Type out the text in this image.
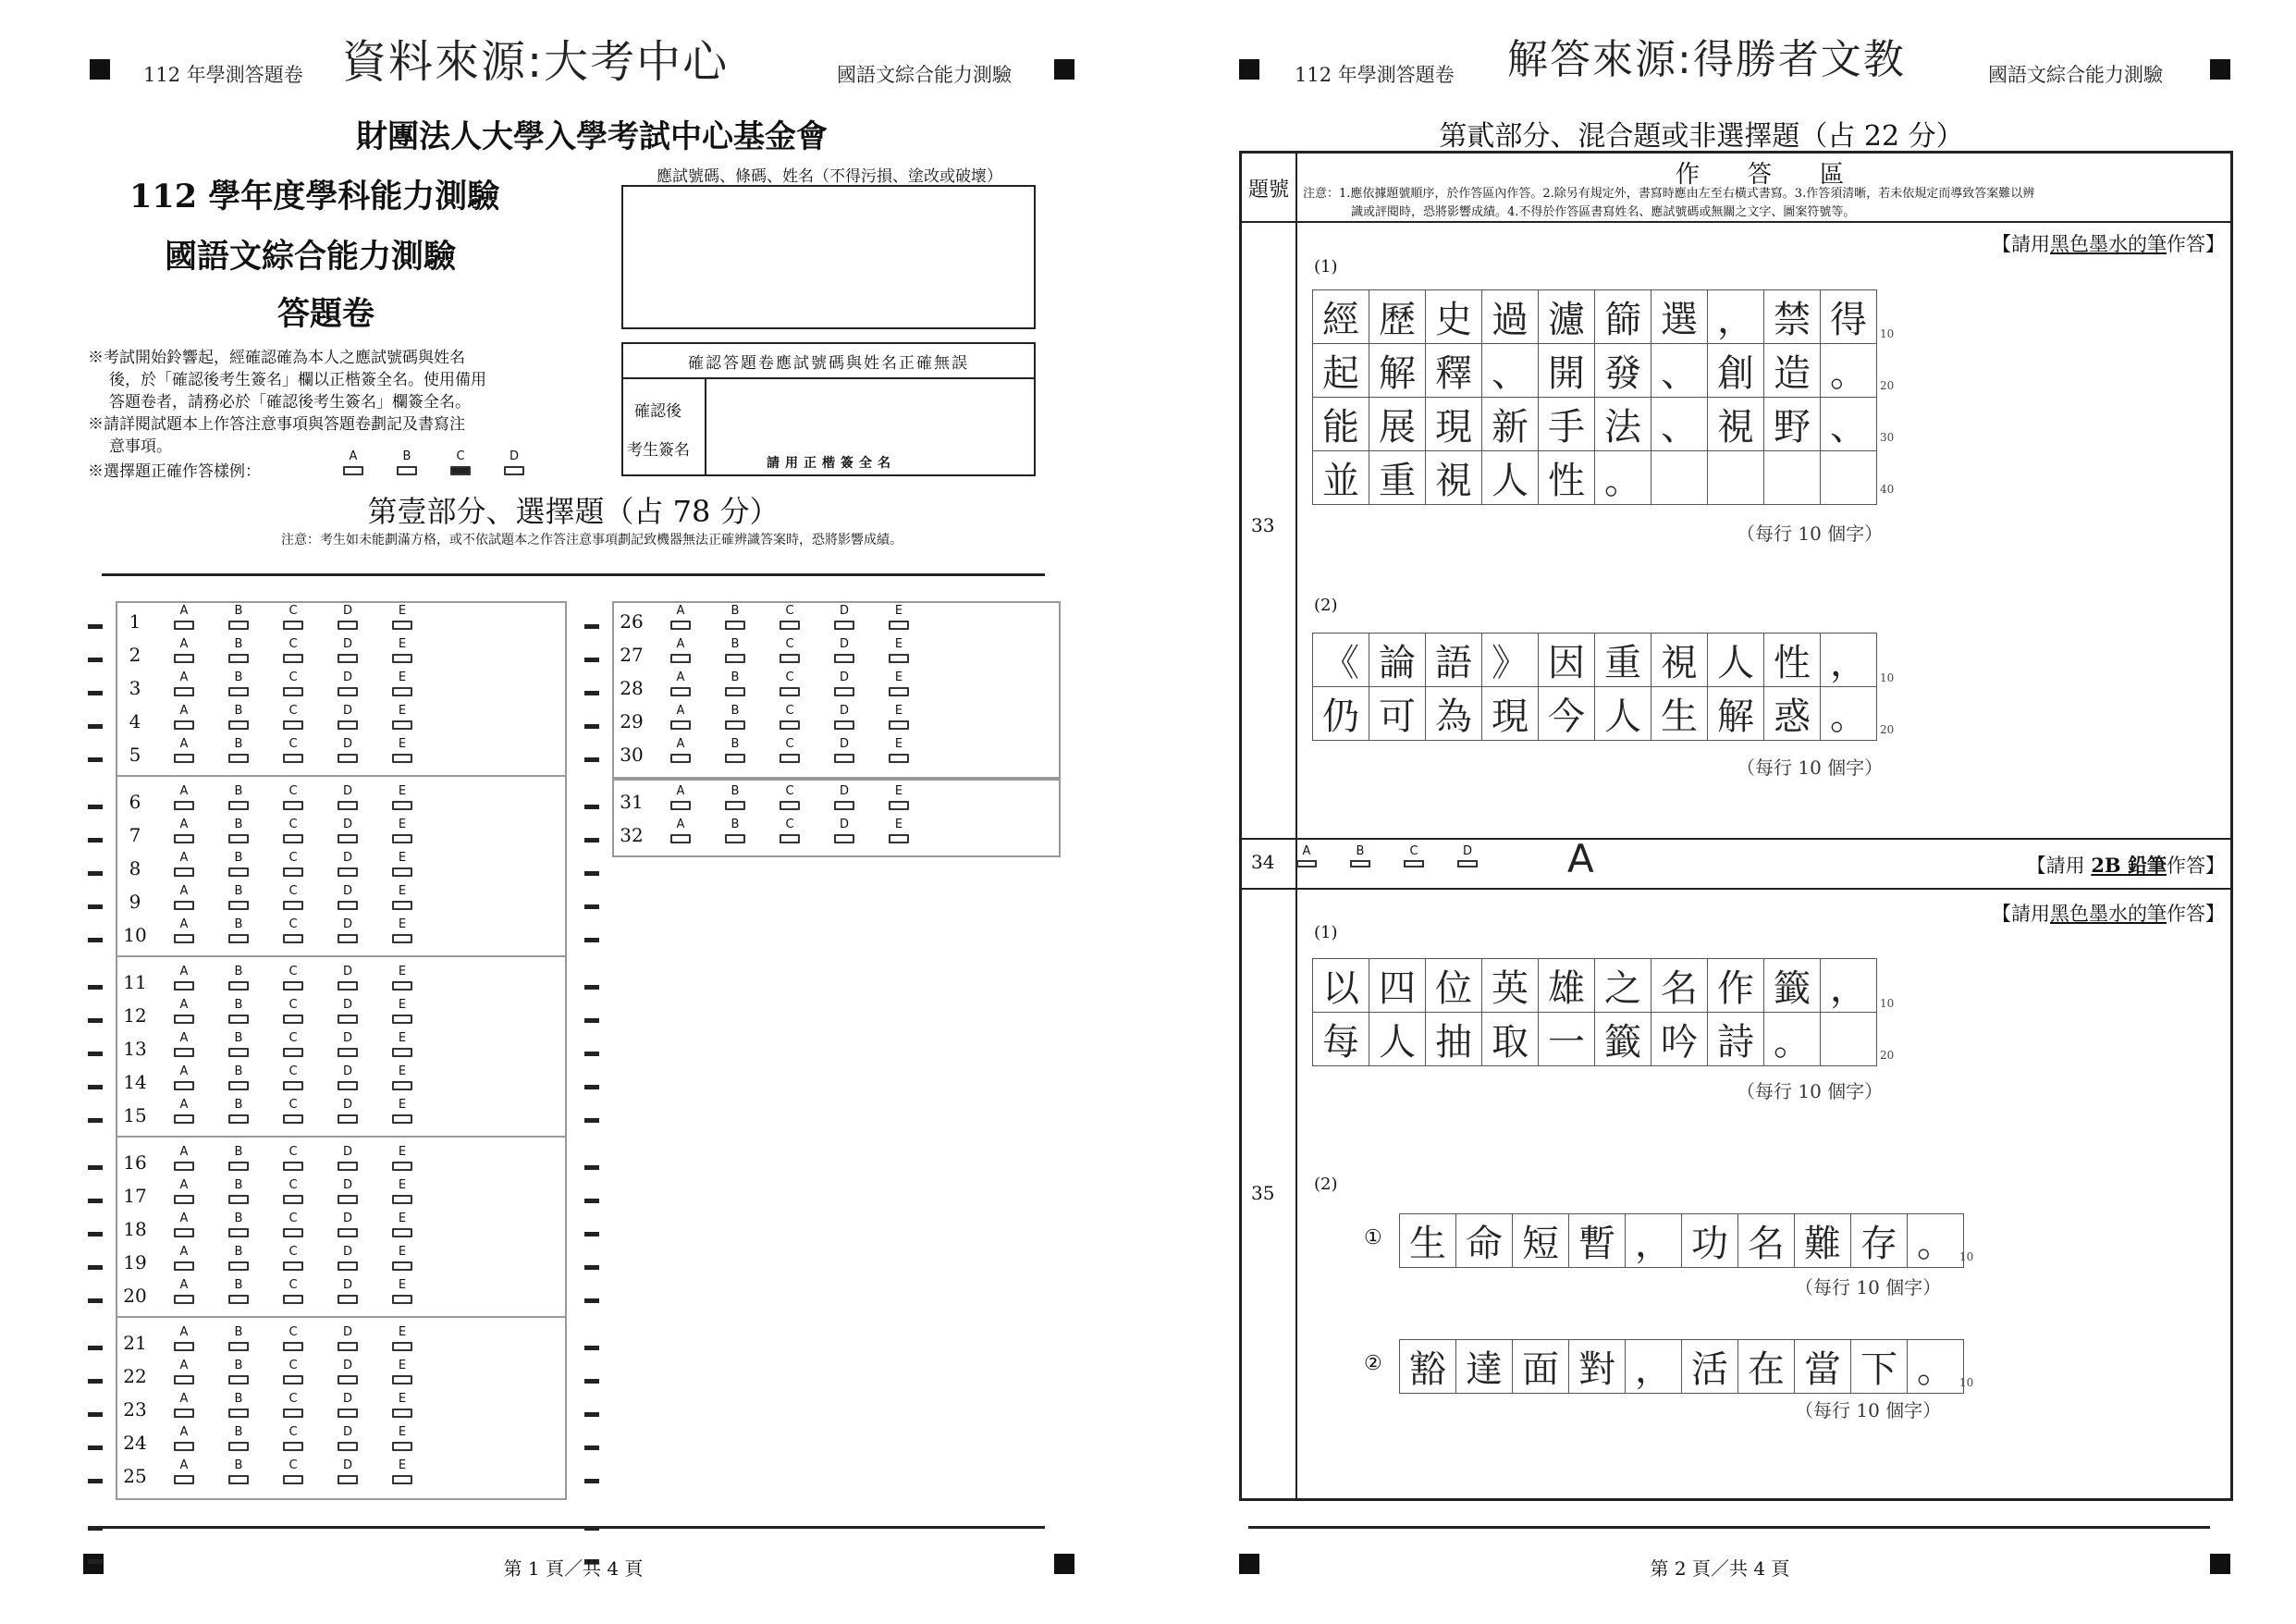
112 年學測答題卷 資料來源:大考中心	國語文綜合能力測驗
財團法人大學入學考試中心基金會
112 學年度學科能力測驗
國語文綜合能力測驗
答題卷
應試號碼、條碼、姓名（不得污損、塗改或破壞）
確認答題卷應試號碼與姓名正確無誤
確認後
考生簽名
請用正楷簽全名
※考試開始鈴響起，經確認確為本人之應試號碼與姓名
後，於「確認後考生簽名」欄以正楷簽全名。使用備用
答題卷者，請務必於「確認後考生簽名」欄簽全名。
※請詳閱試題本上作答注意事項與答題卷劃記及書寫注
意事項。
※選擇題正確作答樣例：
A	B	C	D
第壹部分、選擇題（占 78 分）
注意：考生如未能劃滿方格，或不依試題本之作答注意事項劃記致機器無法正確辨識答案時，恐將影響成績。
1	A	B	C	D	E
2	A	B	C	D	E
3	A	B	C	D	E
4	A	B	C	D	E
5	A	B	C	D	E
6	A	B	C	D	E
7	A	B	C	D	E
8	A	B	C	D	E
9	A	B	C	D	E
10	A	B	C	D	E
11	A	B	C	D	E
12	A	B	C	D	E
13	A	B	C	D	E
14	A	B	C	D	E
15	A	B	C	D	E
16	A	B	C	D	E
17	A	B	C	D	E
18	A	B	C	D	E
19	A	B	C	D	E
20	A	B	C	D	E
21	A	B	C	D	E
22	A	B	C	D	E
23	A	B	C	D	E
24	A	B	C	D	E
25	A	B	C	D	E
26	A	B	C	D	E
27	A	B	C	D	E
28	A	B	C	D	E
29	A	B	C	D	E
30	A	B	C	D	E
31	A	B	C	D	E
32	A	B	C	D	E
第 1 頁／共 4 頁
112 年學測答題卷 解答來源:得勝者文教	國語文綜合能力測驗
第貳部分、混合題或非選擇題（占 22 分）
題號
作　　答　　區
注意：1.應依據題號順序，於作答區內作答。2.除另有規定外，書寫時應由左至右橫式書寫。3.作答須清晰，若未依規定而導致答案難以辨
識或評閱時，恐將影響成績。4.不得於作答區書寫姓名、應試號碼或無關之文字、圖案符號等。
33
【請用黑色墨水的筆作答】
(1)
經	歷	史	過	濾	篩	選	，	禁	得
起	解	釋	、	開	發	、	創	造	。
能	展	現	新	手	法	、	視	野	、
並	重	視	人	性	。				
10
20
30
40
（每行 10 個字）
(2)
《	論	語	》	因	重	視	人	性	，
仍	可	為	現	今	人	生	解	惑	。
10
20
（每行 10 個字）
34	A	B	C	D A	【請用 2B 鉛筆作答】
35
【請用黑色墨水的筆作答】
(1)
以	四	位	英	雄	之	名	作	籤	，
每	人	抽	取	一	籤	吟	詩	。	
10
20
（每行 10 個字）
(2)
① 生	命	短	暫	，	功	名	難	存	。 10
（每行 10 個字）
② 豁	達	面	對	，	活	在	當	下	。 10
（每行 10 個字）
第 2 頁／共 4 頁
